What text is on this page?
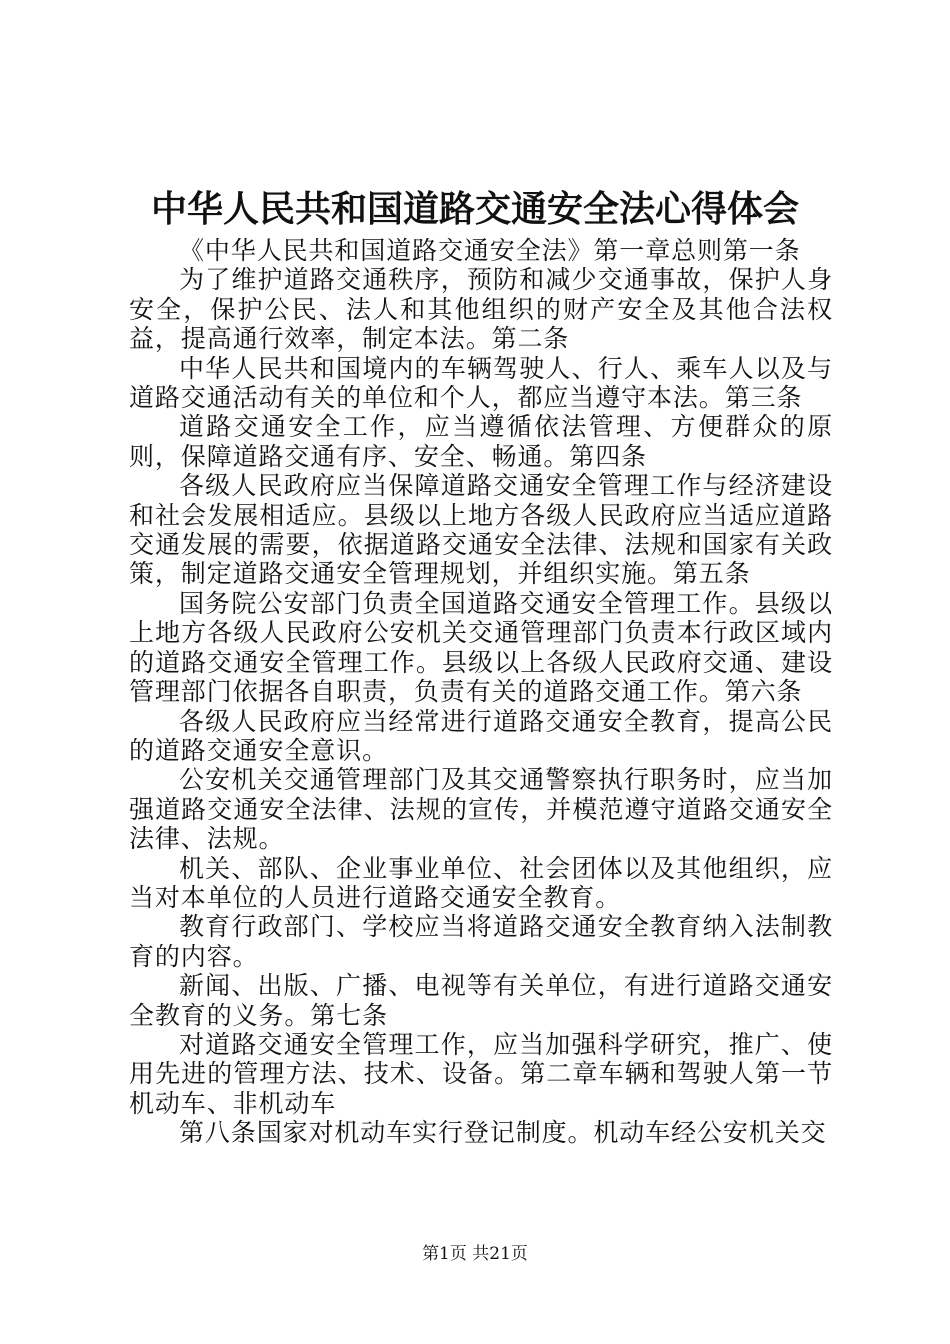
中华人民共和国道路交通安全法心得体会

《中华人民共和国道路交通安全法》第一章总则第一条

为了维护道路交通秩序，预防和减少交通事故，保护人身安全，保护公民、法人和其他组织的财产安全及其他合法权益，提高通行效率，制定本法。第二条

中华人民共和国境内的车辆驾驶人、行人、乘车人以及与道路交通活动有关的单位和个人，都应当遵守本法。第三条

道路交通安全工作，应当遵循依法管理、方便群众的原则，保障道路交通有序、安全、畅通。第四条

各级人民政府应当保障道路交通安全管理工作与经济建设和社会发展相适应。县级以上地方各级人民政府应当适应道路交通发展的需要，依据道路交通安全法律、法规和国家有关政策，制定道路交通安全管理规划，并组织实施。第五条

国务院公安部门负责全国道路交通安全管理工作。县级以上地方各级人民政府公安机关交通管理部门负责本行政区域内的道路交通安全管理工作。县级以上各级人民政府交通、建设管理部门依据各自职责，负责有关的道路交通工作。第六条

各级人民政府应当经常进行道路交通安全教育，提高公民的道路交通安全意识。

公安机关交通管理部门及其交通警察执行职务时，应当加强道路交通安全法律、法规的宣传，并模范遵守道路交通安全法律、法规。

机关、部队、企业事业单位、社会团体以及其他组织，应当对本单位的人员进行道路交通安全教育。

教育行政部门、学校应当将道路交通安全教育纳入法制教育的内容。

新闻、出版、广播、电视等有关单位，有进行道路交通安全教育的义务。第七条

对道路交通安全管理工作，应当加强科学研究，推广、使用先进的管理方法、技术、设备。第二章车辆和驾驶人第一节机动车、非机动车

第八条国家对机动车实行登记制度。机动车经公安机关交

第1页 共21页
